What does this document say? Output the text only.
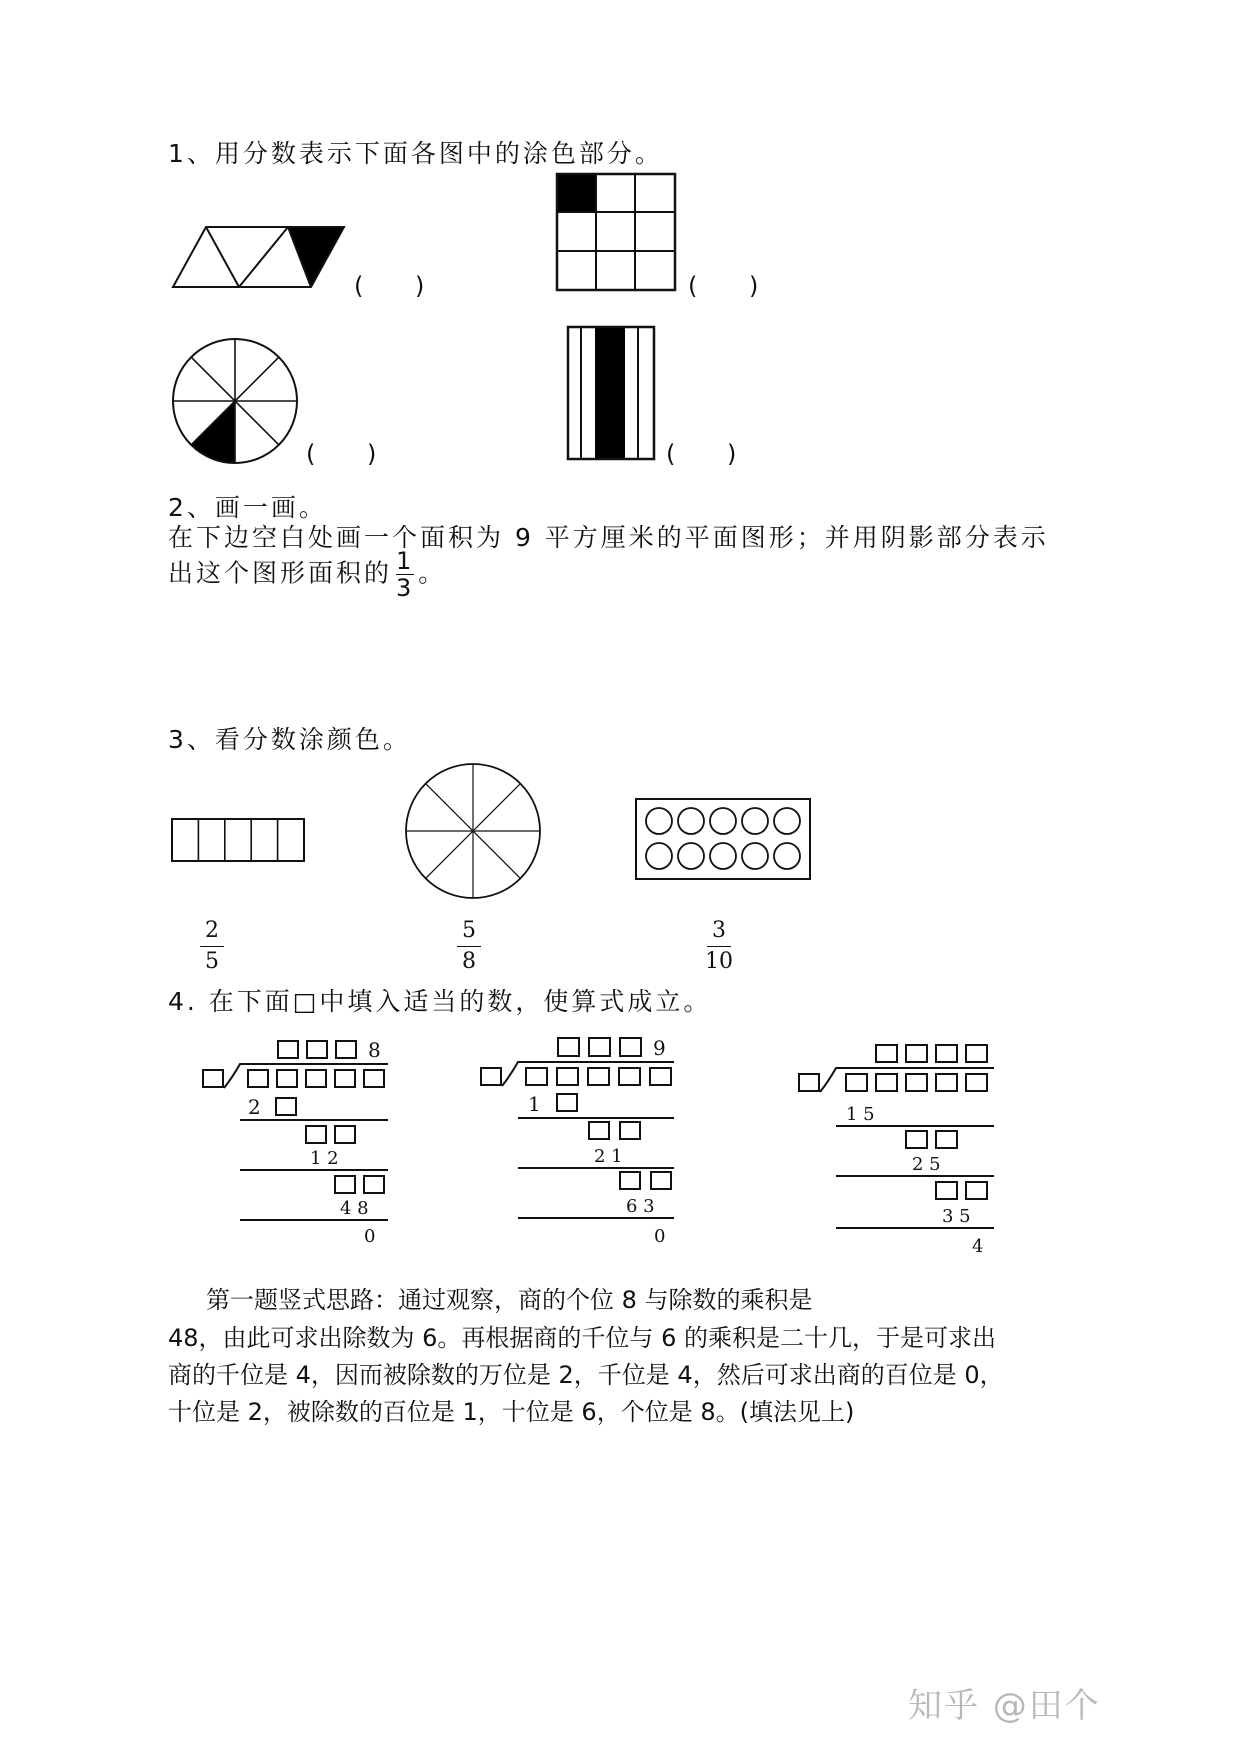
1、用分数表示下面各图中的涂色部分。
( )	( )
( )	( )
2、画一画。
在下边空白处画一个面积为 9 平方厘米的平面图形；并用阴影部分表示
出这个图形面积的 $\frac{1}{3}$ 。
3、看分数涂颜色。
2
5
5
8
3
10
4. 在下面□中填入适当的数，使算式成立。
8
2
1 2
4 8
0
9
1
2 1
6 3
0
1 5
2 5
3 5
4
第一题竖式思路：通过观察，商的个位 8 与除数的乘积是
48，由此可求出除数为 6。再根据商的千位与 6 的乘积是二十几，于是可求出
商的千位是 4，因而被除数的万位是 2，千位是 4，然后可求出商的百位是 0，
十位是 2，被除数的百位是 1，十位是 6，个位是 8。(填法见上)
知乎 @田个
